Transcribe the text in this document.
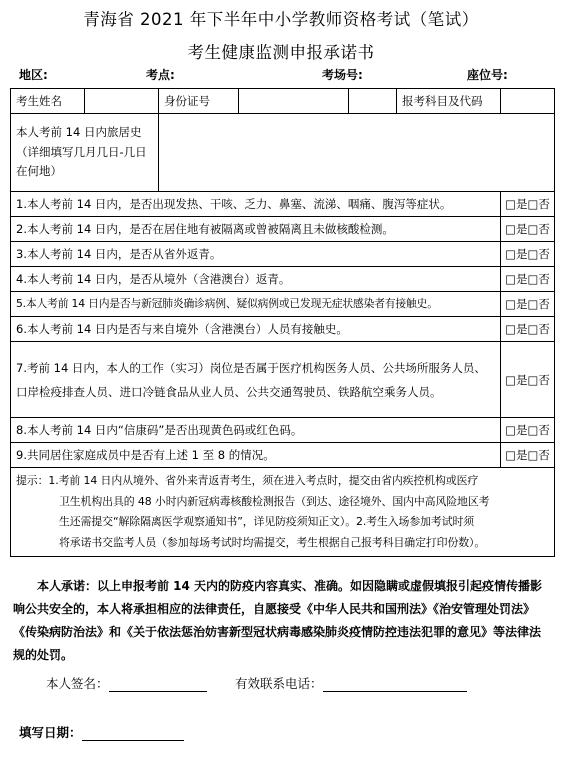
青海省 2021 年下半年中小学教师资格考试（笔试）
考生健康监测申报承诺书
地区:	考点:	考场号:	座位号:
考生姓名		身份证号			报考科目及代码	
本人考前 14 日内旅居史（详细填写几月几日-几日在何地）						
1.本人考前 14 日内，是否出现发热、干咳、乏力、鼻塞、流涕、咽痛、腹泻等症状。						□是□否
2.本人考前 14 日内，是否在居住地有被隔离或曾被隔离且未做核酸检测。						□是□否
3.本人考前 14 日内，是否从省外返青。						□是□否
4.本人考前 14 日内，是否从境外（含港澳台）返青。						□是□否
5.本人考前 14 日内是否与新冠肺炎确诊病例、疑似病例或已发现无症状感染者有接触史。						□是□否
6.本人考前 14 日内是否与来自境外（含港澳台）人员有接触史。						□是□否
7.考前 14 日内，本人的工作（实习）岗位是否属于医疗机构医务人员、公共场所服务人员、口岸检疫排查人员、进口冷链食品从业人员、公共交通驾驶员、铁路航空乘务人员。						□是□否
8.本人考前 14 日内“信康码”是否出现黄色码或红色码。						□是□否
9.共同居住家庭成员中是否有上述 1 至 8 的情况。						□是□否

提示：1.考前 14 日内从境外、省外来青返青考生，须在进入考点时，提交由省内疾控机构或医疗
卫生机构出具的 48 小时内新冠病毒核酸检测报告（到达、途径境外、国内中高风险地区考
生还需提交“解除隔离医学观察通知书”，详见防疫须知正文）。2.考生入场参加考试时须
将承诺书交监考人员（参加每场考试时均需提交，考生根据自己报考科目确定打印份数）。						
本人承诺：以上申报考前 14 天内的防疫内容真实、准确。如因隐瞒或虚假填报引起疫情传播影响公共安全的，本人将承担相应的法律责任，自愿接受《中华人民共和国刑法》《治安管理处罚法》《传染病防治法》和《关于依法惩治妨害新型冠状病毒感染肺炎疫情防控违法犯罪的意见》等法律法规的处罚。
本人签名：	有效联系电话：
填写日期：
